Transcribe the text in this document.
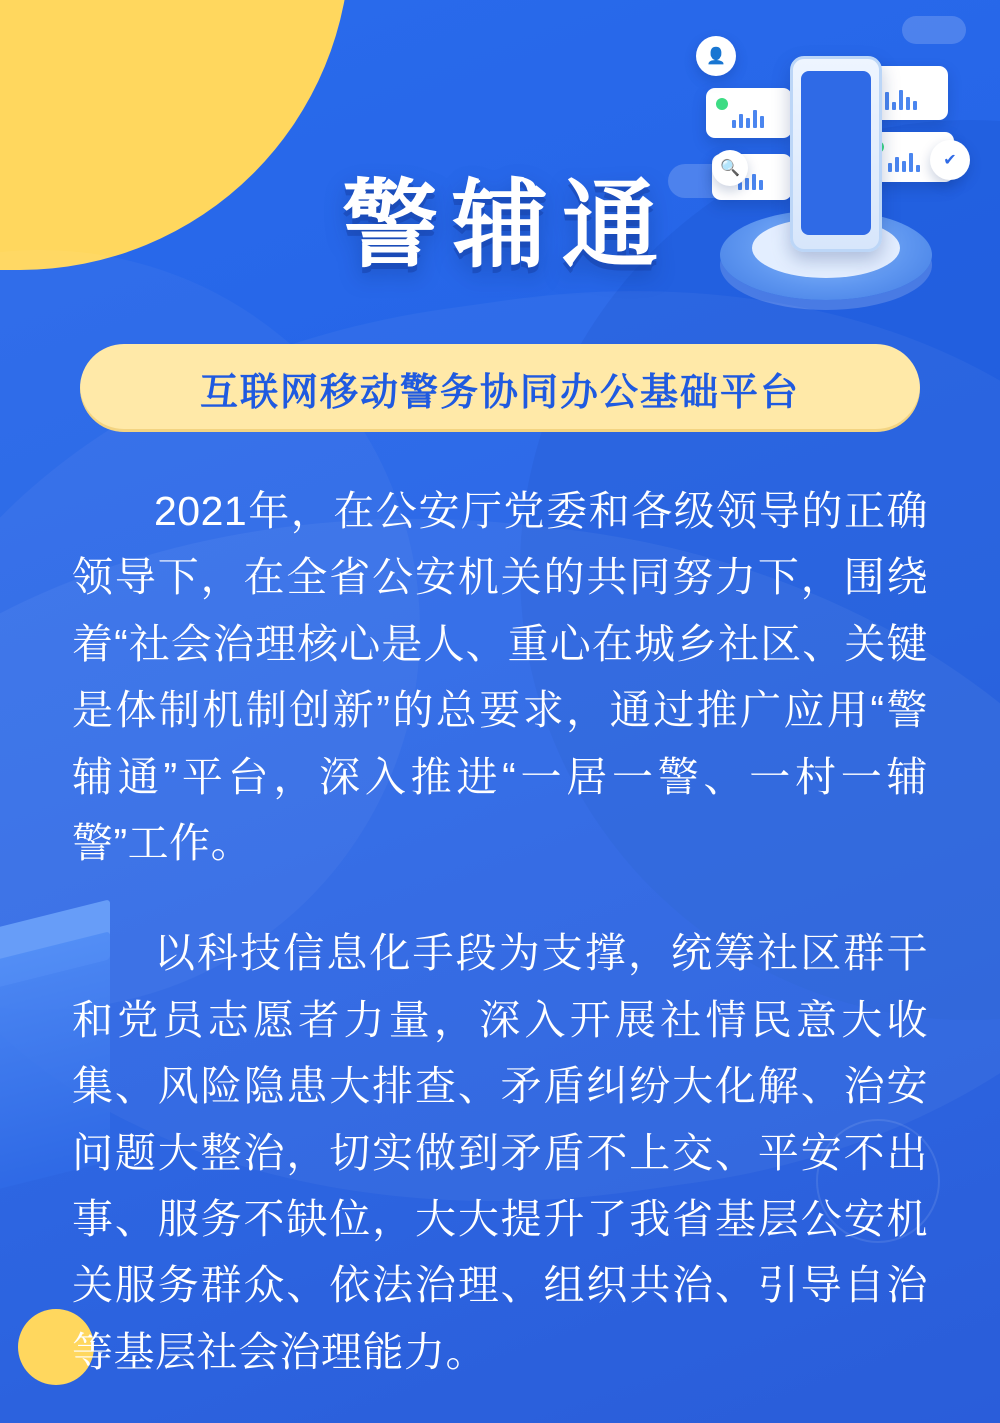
👤
🔍	✔
警辅通
互联网移动警务协同办公基础平台

2021年，在公安厅党委和各级领导的正确领导下，在全省公安机关的共同努力下，围绕着“社会治理核心是人、重心在城乡社区、关键是体制机制创新”的总要求，通过推广应用“警辅通”平台，深入推进“一居一警、一村一辅警”工作。

以科技信息化手段为支撑，统筹社区群干和党员志愿者力量，深入开展社情民意大收集、风险隐患大排查、矛盾纠纷大化解、治安问题大整治，切实做到矛盾不上交、平安不出事、服务不缺位，大大提升了我省基层公安机关服务群众、依法治理、组织共治、引导自治等基层社会治理能力。
